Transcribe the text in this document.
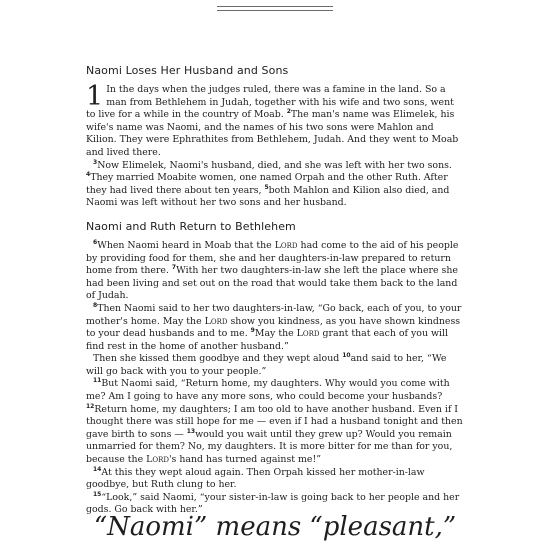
Naomi Loses Her Husband and Sons

1 In the days when the judges ruled, there was a famine in the land. So a man from Bethlehem in Judah, together with his wife and two sons, went to live for a while in the country of Moab. $^2$The man's name was Elimelek, his wife's name was Naomi, and the names of his two sons were Mahlon and Kilion. They were Ephrathites from Bethlehem, Judah. And they went to Moab and lived there.

$^3$Now Elimelek, Naomi's husband, died, and she was left with her two sons. $^4$They married Moabite women, one named Orpah and the other Ruth. After they had lived there about ten years, $^5$both Mahlon and Kilion also died, and Naomi was left without her two sons and her husband.

Naomi and Ruth Return to Bethlehem

$^6$When Naomi heard in Moab that the Lord had come to the aid of his people by providing food for them, she and her daughters-in-law prepared to return home from there. $^7$With her two daughters-in-law she left the place where she had been living and set out on the road that would take them back to the land of Judah.

$^8$Then Naomi said to her two daughters-in-law, “Go back, each of you, to your mother's home. May the Lord show you kindness, as you have shown kindness to your dead husbands and to me. $^9$May the Lord grant that each of you will find rest in the home of another husband.”

Then she kissed them goodbye and they wept aloud $^{10}$and said to her, “We will go back with you to your people.”

$^{11}$But Naomi said, “Return home, my daughters. Why would you come with me? Am I going to have any more sons, who could become your husbands? $^{12}$Return home, my daughters; I am too old to have another husband. Even if I thought there was still hope for me — even if I had a husband tonight and then gave birth to sons — $^{13}$would you wait until they grew up? Would you remain unmarried for them? No, my daughters. It is more bitter for me than for you, because the Lord's hand has turned against me!”

$^{14}$At this they wept aloud again. Then Orpah kissed her mother-in-law goodbye, but Ruth clung to her.

$^{15}$“Look,” said Naomi, “your sister-in-law is going back to her people and her gods. Go back with her.”

“Naomi” means “pleasant,”
